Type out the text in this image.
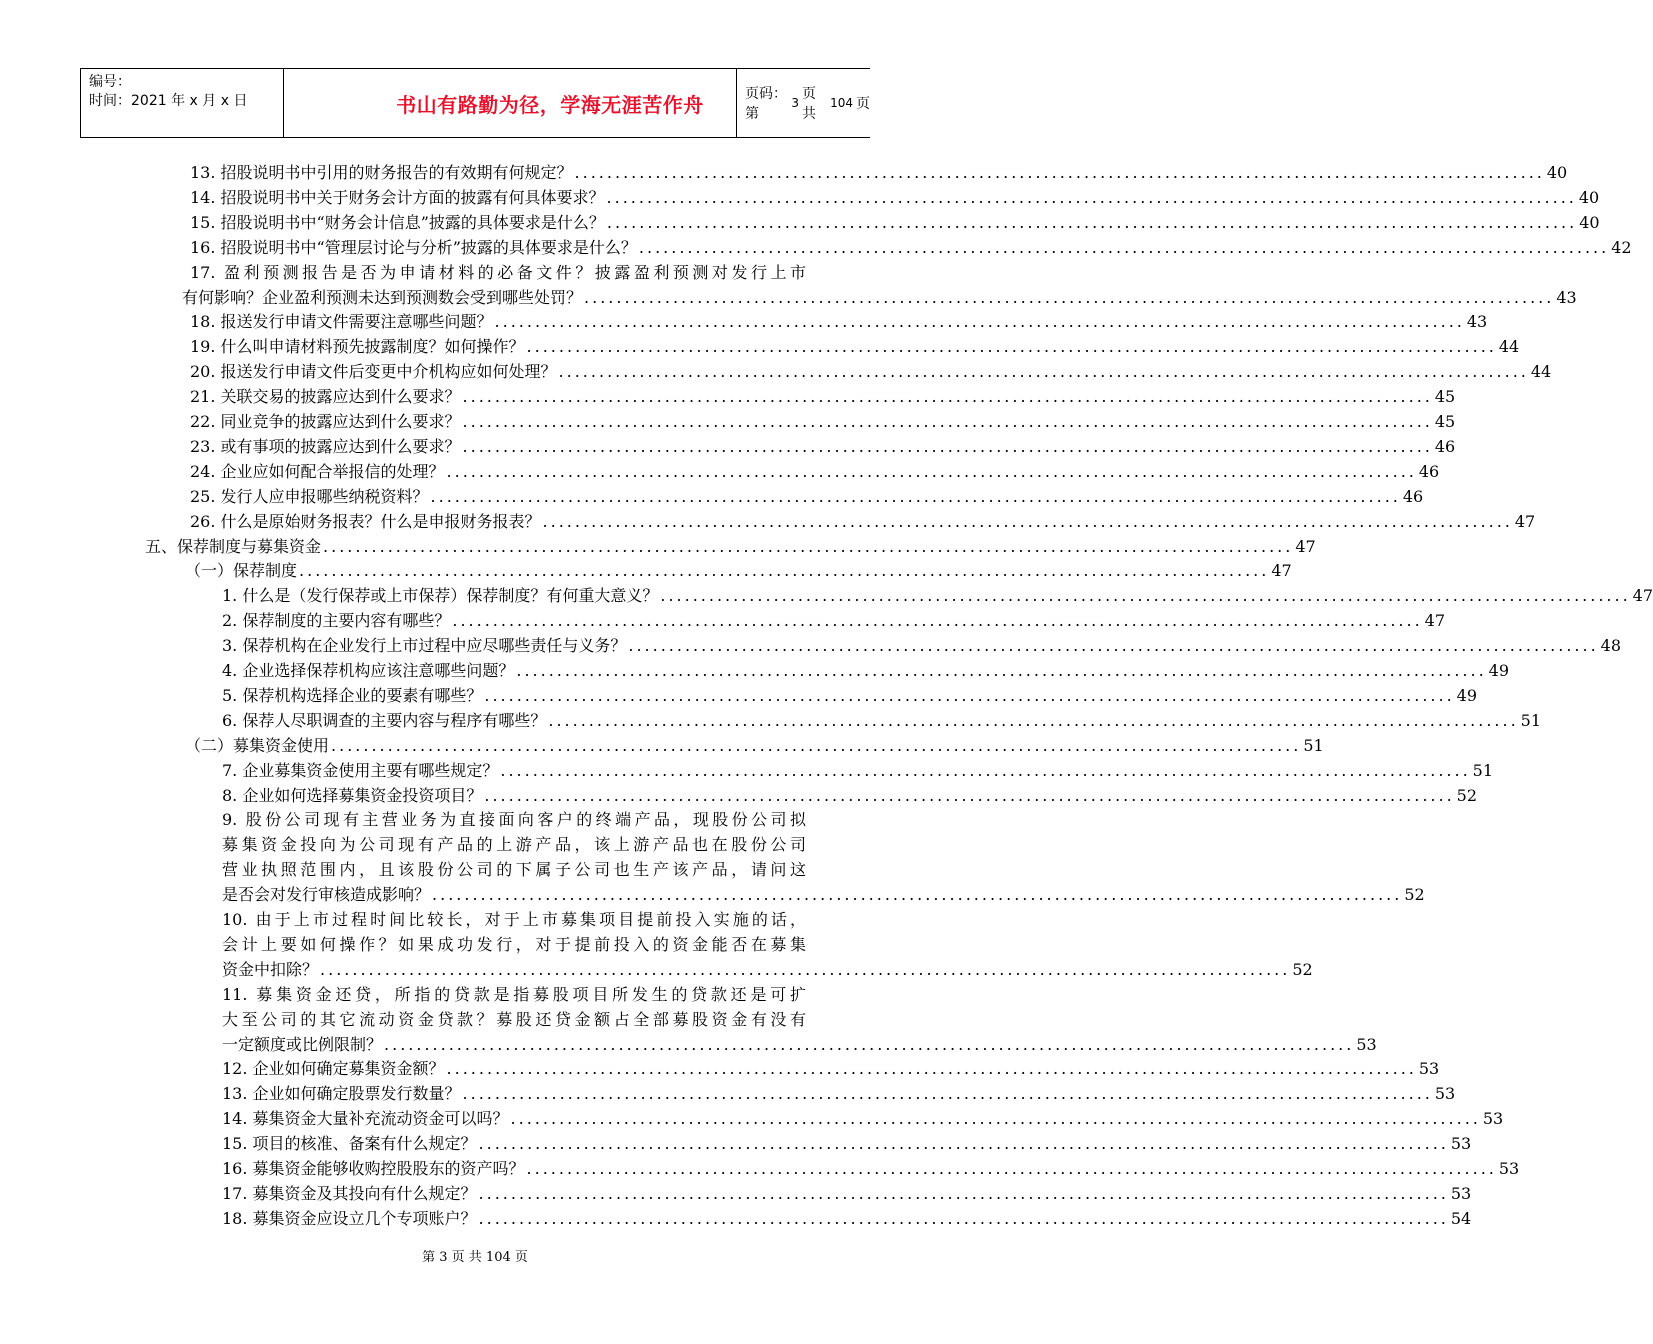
编号：
时间：2021 年 x 月 x 日	书山有路勤为径，学海无涯苦作舟	页码：第
3
页 共
104 页
13. 招股说明书中引用的财务报告的有效期有何规定？ ........................................................................................................................ 40
14. 招股说明书中关于财务会计方面的披露有何具体要求？ ........................................................................................................................ 40
15. 招股说明书中“财务会计信息”披露的具体要求是什么？ ........................................................................................................................ 40
16. 招股说明书中“管理层讨论与分析”披露的具体要求是什么？ ........................................................................................................................ 42
17. 盈利预测报告是否为申请材料的必备文件？披露盈利预测对发行上市
有何影响？企业盈利预测未达到预测数会受到哪些处罚？ ........................................................................................................................ 43
18. 报送发行申请文件需要注意哪些问题？ ........................................................................................................................ 43
19. 什么叫申请材料预先披露制度？如何操作？ ........................................................................................................................ 44
20. 报送发行申请文件后变更中介机构应如何处理？ ........................................................................................................................ 44
21. 关联交易的披露应达到什么要求？ ........................................................................................................................ 45
22. 同业竞争的披露应达到什么要求？ ........................................................................................................................ 45
23. 或有事项的披露应达到什么要求？ ........................................................................................................................ 46
24. 企业应如何配合举报信的处理？ ........................................................................................................................ 46
25. 发行人应申报哪些纳税资料？ ........................................................................................................................ 46
26. 什么是原始财务报表？什么是申报财务报表？ ........................................................................................................................ 47
五、保荐制度与募集资金 ........................................................................................................................ 47
（一）保荐制度 ........................................................................................................................ 47
1. 什么是（发行保荐或上市保荐）保荐制度？有何重大意义？ ........................................................................................................................ 47
2. 保荐制度的主要内容有哪些？ ........................................................................................................................ 47
3. 保荐机构在企业发行上市过程中应尽哪些责任与义务？ ........................................................................................................................ 48
4. 企业选择保荐机构应该注意哪些问题？ ........................................................................................................................ 49
5. 保荐机构选择企业的要素有哪些？ ........................................................................................................................ 49
6. 保荐人尽职调查的主要内容与程序有哪些？ ........................................................................................................................ 51
（二）募集资金使用 ........................................................................................................................ 51
7. 企业募集资金使用主要有哪些规定？ ........................................................................................................................ 51
8. 企业如何选择募集资金投资项目？ ........................................................................................................................ 52
9. 股份公司现有主营业务为直接面向客户的终端产品，现股份公司拟
募集资金投向为公司现有产品的上游产品，该上游产品也在股份公司
营业执照范围内，且该股份公司的下属子公司也生产该产品，请问这
是否会对发行审核造成影响？ ........................................................................................................................ 52
10. 由于上市过程时间比较长，对于上市募集项目提前投入实施的话，
会计上要如何操作？如果成功发行，对于提前投入的资金能否在募集
资金中扣除？ ........................................................................................................................ 52
11. 募集资金还贷，所指的贷款是指募股项目所发生的贷款还是可扩
大至公司的其它流动资金贷款？募股还贷金额占全部募股资金有没有
一定额度或比例限制？ ........................................................................................................................ 53
12. 企业如何确定募集资金额？ ........................................................................................................................ 53
13. 企业如何确定股票发行数量？ ........................................................................................................................ 53
14. 募集资金大量补充流动资金可以吗？ ........................................................................................................................ 53
15. 项目的核准、备案有什么规定？ ........................................................................................................................ 53
16. 募集资金能够收购控股股东的资产吗？ ........................................................................................................................ 53
17. 募集资金及其投向有什么规定？ ........................................................................................................................ 53
18. 募集资金应设立几个专项账户？ ........................................................................................................................ 54
第 3 页 共 104 页
